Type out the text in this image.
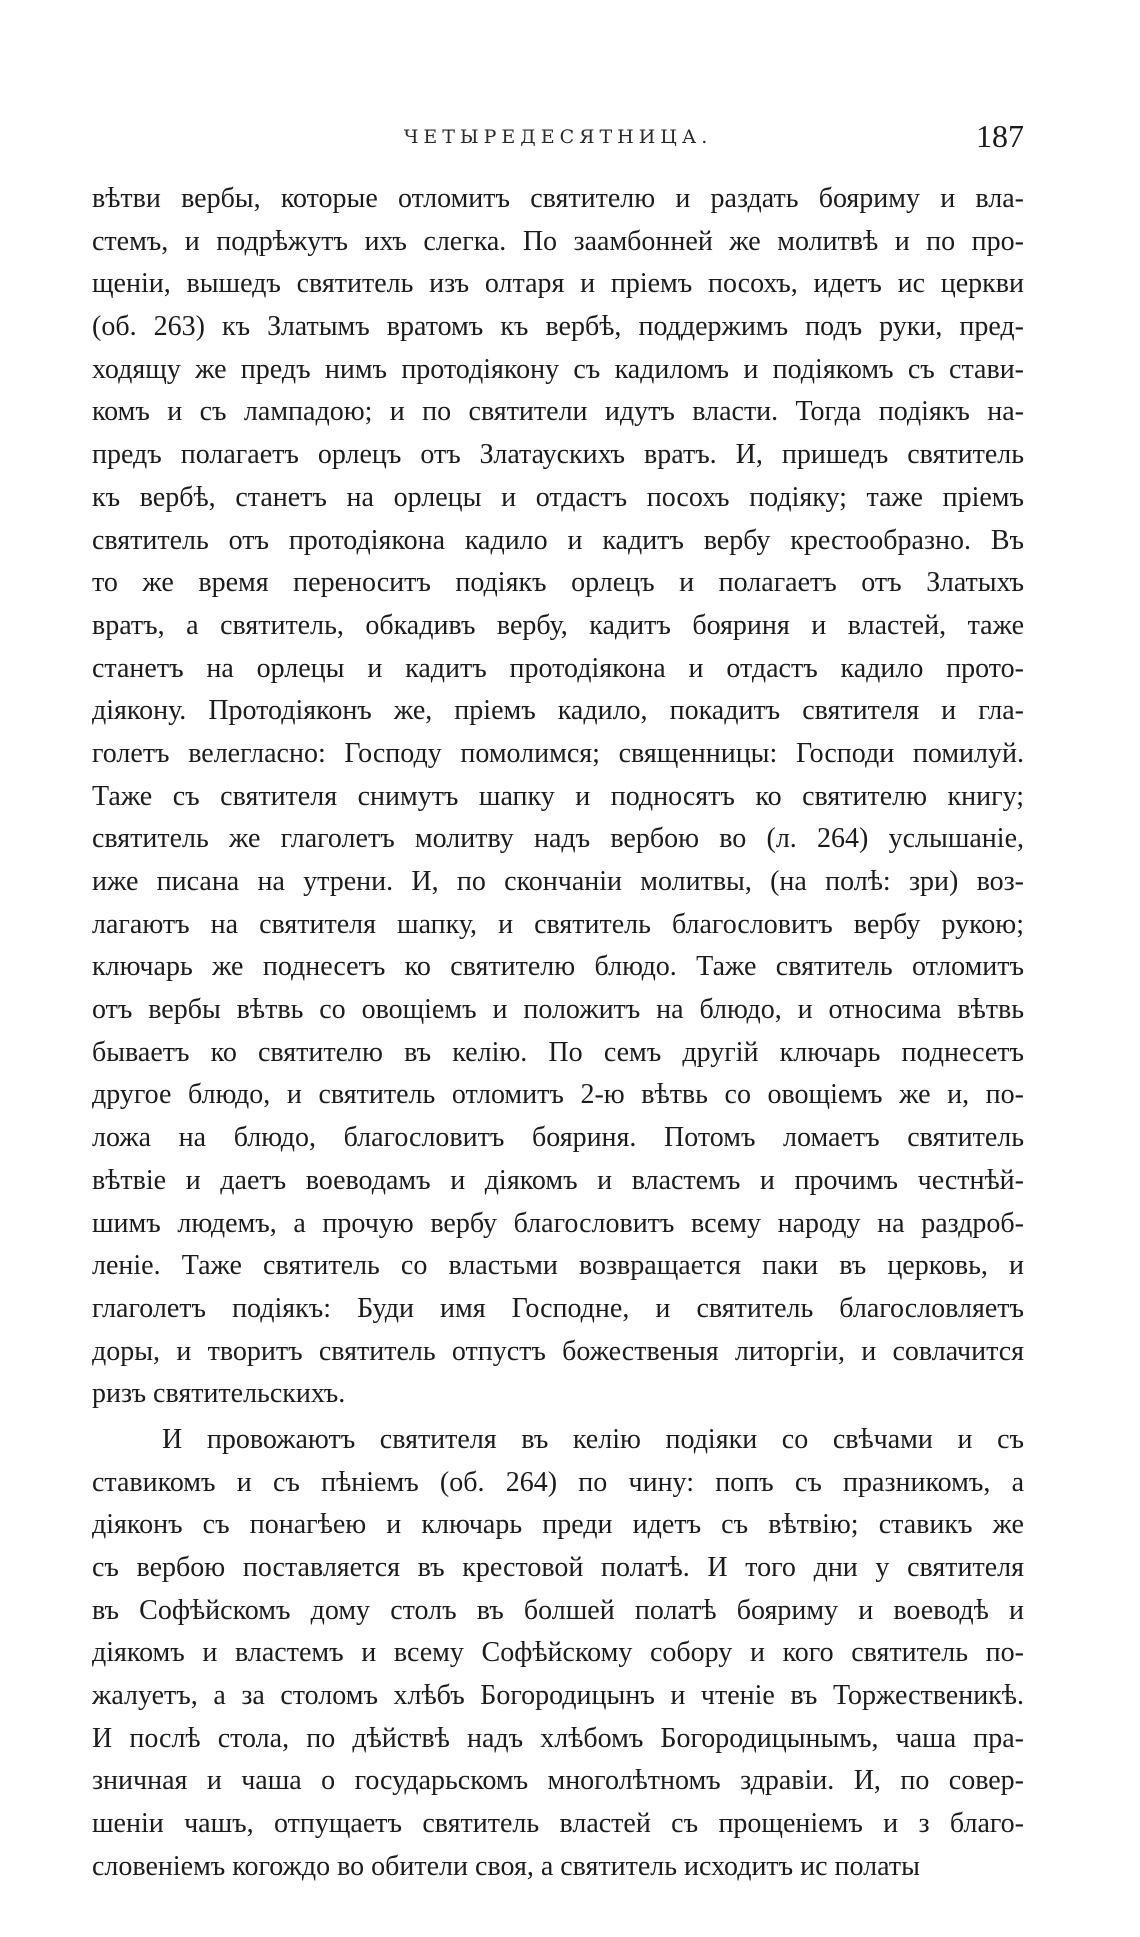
ЧЕТЫРЕДЕСЯТНИЦА.	187
вѣтви вербы, которые отломитъ святителю и раздать бояриму и вла-
стемъ, и подрѣжутъ ихъ слегка. По заамбонней же молитвѣ и по про-
щеніи, вышедъ святитель изъ олтаря и пріемъ посохъ, идетъ ис церкви
(об. 263) къ Златымъ вратомъ къ вербѣ, поддержимъ подъ руки, пред-
ходящу же предъ нимъ протодіякону съ кадиломъ и подіякомъ съ стави-
комъ и съ лампадою; и по святители идутъ власти. Тогда подіякъ на-
предъ полагаетъ орлецъ отъ Златаускихъ вратъ. И, пришедъ святитель
къ вербѣ, станетъ на орлецы и отдастъ посохъ подіяку; таже пріемъ
святитель отъ протодіякона кадило и кадитъ вербу крестообразно. Въ
то же время переноситъ подіякъ орлецъ и полагаетъ отъ Златыхъ
вратъ, а святитель, обкадивъ вербу, кадитъ бояриня и властей, таже
станетъ на орлецы и кадитъ протодіякона и отдастъ кадило прото-
діякону. Протодіяконъ же, пріемъ кадило, покадитъ святителя и гла-
голетъ велегласно: Господу помолимся; священницы: Господи помилуй.
Таже съ святителя снимутъ шапку и подносятъ ко святителю книгу;
святитель же глаголетъ молитву надъ вербою во (л. 264) услышаніе,
иже писана на утрени. И, по скончаніи молитвы, (на полѣ: зри) воз-
лагаютъ на святителя шапку, и святитель благословитъ вербу рукою;
ключарь же поднесетъ ко святителю блюдо. Таже святитель отломитъ
отъ вербы вѣтвь со овощіемъ и положитъ на блюдо, и относима вѣтвь
бываетъ ко святителю въ келію. По семъ другій ключарь поднесетъ
другое блюдо, и святитель отломитъ 2-ю вѣтвь со овощіемъ же и, по-
ложа на блюдо, благословитъ бояриня. Потомъ ломаетъ святитель
вѣтвіе и даетъ воеводамъ и діякомъ и властемъ и прочимъ честнѣй-
шимъ людемъ, а прочую вербу благословитъ всему народу на раздроб-
леніе. Таже святитель со властьми возвращается паки въ церковь, и
глаголетъ подіякъ: Буди имя Господне, и святитель благословляетъ
доры, и творитъ святитель отпустъ божественыя литоргіи, и совлачится
ризъ святительскихъ.
И провожаютъ святителя въ келію подіяки со свѣчами и съ
ставикомъ и съ пѣніемъ (об. 264) по чину: попъ съ празникомъ, а
діяконъ съ понагѣею и ключарь преди идетъ съ вѣтвію; ставикъ же
съ вербою поставляется въ крестовой полатѣ. И того дни у святителя
въ Софѣйскомъ дому столъ въ болшей полатѣ бояриму и воеводѣ и
діякомъ и властемъ и всему Софѣйскому собору и кого святитель по-
жалуетъ, а за столомъ хлѣбъ Богородицынъ и чтеніе въ Торжественикѣ.
И послѣ стола, по дѣйствѣ надъ хлѣбомъ Богородицынымъ, чаша пра-
зничная и чаша о государьскомъ многолѣтномъ здравіи. И, по совер-
шеніи чашъ, отпущаетъ святитель властей съ прощеніемъ и з благо-
словеніемъ когождо во обители своя, а святитель исходитъ ис полаты
